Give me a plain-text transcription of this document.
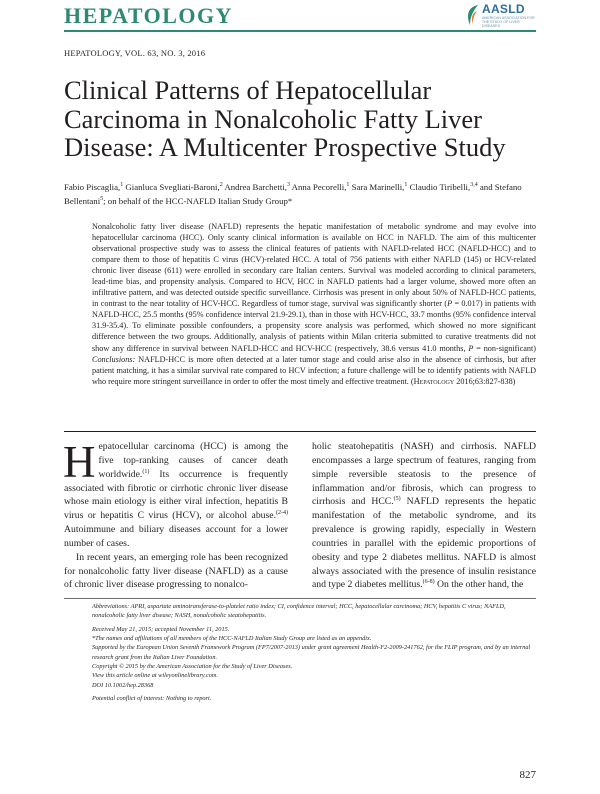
HEPATOLOGY	AASLD
AMERICAN ASSOCIATION FOR THE STUDY OF LIVER DISEASES
HEPATOLOGY, VOL. 63, NO. 3, 2016
Clinical Patterns of Hepatocellular
Carcinoma in Nonalcoholic Fatty Liver
Disease: A Multicenter Prospective Study
Fabio Piscaglia,$^1$ Gianluca Svegliati-Baroni,$^2$ Andrea Barchetti,$^3$ Anna Pecorelli,$^1$ Sara Marinelli,$^1$ Claudio Tiribelli,$^{3,4}$ and Stefano Bellentani$^5$; on behalf of the HCC-NAFLD Italian Study Group*

Nonalcoholic fatty liver disease (NAFLD) represents the hepatic manifestation of metabolic syndrome and may evolve into hepatocellular carcinoma (HCC). Only scanty clinical information is available on HCC in NAFLD. The aim of this multicenter observational prospective study was to assess the clinical features of patients with NAFLD-related HCC (NAFLD-HCC) and to compare them to those of hepatitis C virus (HCV)-related HCC. A total of 756 patients with either NAFLD (145) or HCV-related chronic liver disease (611) were enrolled in secondary care Italian centers. Survival was modeled according to clinical parameters, lead-time bias, and propensity analysis. Compared to HCV, HCC in NAFLD patients had a larger volume, showed more often an infiltrative pattern, and was detected outside specific surveillance. Cirrhosis was present in only about 50% of NAFLD-HCC patients, in contrast to the near totality of HCV-HCC. Regardless of tumor stage, survival was significantly shorter (P = 0.017) in patients with NAFLD-HCC, 25.5 months (95% confidence interval 21.9-29.1), than in those with HCV-HCC, 33.7 months (95% confidence interval 31.9-35.4). To eliminate possible confounders, a propensity score analysis was performed, which showed no more significant difference between the two groups. Additionally, analysis of patients within Milan criteria submitted to curative treatments did not show any difference in survival between NAFLD-HCC and HCV-HCC (respectively, 38.6 versus 41.0 months, P = non-significant) Conclusions: NAFLD-HCC is more often detected at a later tumor stage and could arise also in the absence of cirrhosis, but after patient matching, it has a similar survival rate compared to HCV infection; a future challenge will be to identify patients with NAFLD who require more stringent surveillance in order to offer the most timely and effective treatment. (Hepatology 2016;63:827-838)

Hepatocellular carcinoma (HCC) is among the five top-ranking causes of cancer death worldwide.$^{(1)}$ Its occurrence is frequently associated with fibrotic or cirrhotic chronic liver disease whose main etiology is either viral infection, hepatitis B virus or hepatitis C virus (HCV), or alcohol abuse.$^{(2-4)}$ Autoimmune and biliary diseases account for a lower number of cases.

In recent years, an emerging role has been recognized for nonalcoholic fatty liver disease (NAFLD) as a cause of chronic liver disease progressing to nonalco-

holic steatohepatitis (NASH) and cirrhosis. NAFLD encompasses a large spectrum of features, ranging from simple reversible steatosis to the presence of inflammation and/or fibrosis, which can progress to cirrhosis and HCC.$^{(5)}$ NAFLD represents the hepatic manifestation of the metabolic syndrome, and its prevalence is growing rapidly, especially in Western countries in parallel with the epidemic proportions of obesity and type 2 diabetes mellitus. NAFLD is almost always associated with the presence of insulin resistance and type 2 diabetes mellitus.$^{(6-8)}$ On the other hand, the

Abbreviations: APRI, aspartate aminotransferase-to-platelet ratio index; CI, confidence interval; HCC, hepatocellular carcinoma; HCV, hepatitis C virus; NAFLD, nonalcoholic fatty liver disease; NASH, nonalcoholic steatohepatitis.
Received May 21, 2015; accepted November 11, 2015.
*The names and affiliations of all members of the HCC-NAFLD Italian Study Group are listed as an appendix.
Supported by the European Union Seventh Framework Program (FP7/2007-2013) under grant agreement Health-F2-2009-241762, for the FLIP program, and by an internal research grant from the Italian Liver Foundation.
Copyright © 2015 by the American Association for the Study of Liver Diseases.
View this article online at wileyonlinelibrary.com.
DOI 10.1002/hep.28368
Potential conflict of interest: Nothing to report.
827
